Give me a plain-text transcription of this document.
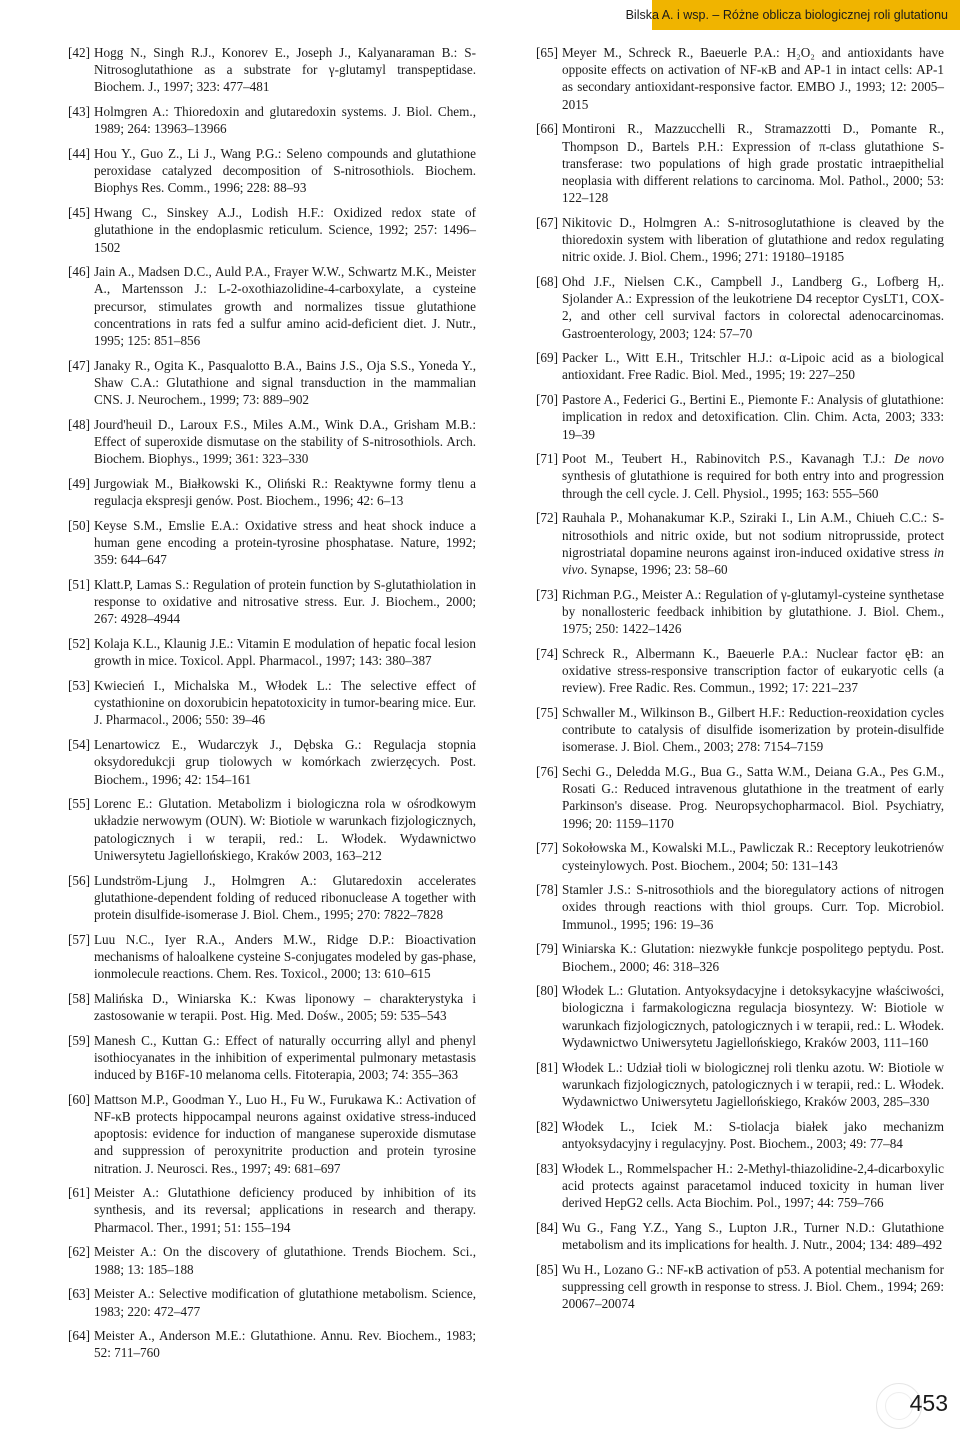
Bilska A. i wsp. – Różne oblicza biologicznej roli glutationu

[42] Hogg N., Singh R.J., Konorev E., Joseph J., Kalyanaraman B.: S-Nitrosoglutathione as a substrate for γ-glutamyl transpeptidase. Biochem. J., 1997; 323: 477–481

[43] Holmgren A.: Thioredoxin and glutaredoxin systems. J. Biol. Chem., 1989; 264: 13963–13966

[44] Hou Y., Guo Z., Li J., Wang P.G.: Seleno compounds and glutathione peroxidase catalyzed decomposition of S-nitrosothiols. Biochem. Biophys Res. Comm., 1996; 228: 88–93

[45] Hwang C., Sinskey A.J., Lodish H.F.: Oxidized redox state of glutathione in the endoplasmic reticulum. Science, 1992; 257: 1496–1502

[46] Jain A., Madsen D.C., Auld P.A., Frayer W.W., Schwartz M.K., Meister A., Martensson J.: L-2-oxothiazolidine-4-carboxylate, a cysteine precursor, stimulates growth and normalizes tissue glutathione concentrations in rats fed a sulfur amino acid-deficient diet. J. Nutr., 1995; 125: 851–856

[47] Janaky R., Ogita K., Pasqualotto B.A., Bains J.S., Oja S.S., Yoneda Y., Shaw C.A.: Glutathione and signal transduction in the mammalian CNS. J. Neurochem., 1999; 73: 889–902

[48] Jourd'heuil D., Laroux F.S., Miles A.M., Wink D.A., Grisham M.B.: Effect of superoxide dismutase on the stability of S-nitrosothiols. Arch. Biochem. Biophys., 1999; 361: 323–330

[49] Jurgowiak M., Białkowski K., Oliński R.: Reaktywne formy tlenu a regulacja ekspresji genów. Post. Biochem., 1996; 42: 6–13

[50] Keyse S.M., Emslie E.A.: Oxidative stress and heat shock induce a human gene encoding a protein-tyrosine phosphatase. Nature, 1992; 359: 644–647

[51] Klatt.P, Lamas S.: Regulation of protein function by S-glutathiolation in response to oxidative and nitrosative stress. Eur. J. Biochem., 2000; 267: 4928–4944

[52] Kolaja K.L., Klaunig J.E.: Vitamin E modulation of hepatic focal lesion growth in mice. Toxicol. Appl. Pharmacol., 1997; 143: 380–387

[53] Kwiecień I., Michalska M., Włodek L.: The selective effect of cystathionine on doxorubicin hepatotoxicity in tumor-bearing mice. Eur. J. Pharmacol., 2006; 550: 39–46

[54] Lenartowicz E., Wudarczyk J., Dębska G.: Regulacja stopnia oksydoredukcji grup tiolowych w komórkach zwierzęcych. Post. Biochem., 1996; 42: 154–161

[55] Lorenc E.: Glutation. Metabolizm i biologiczna rola w ośrodkowym układzie nerwowym (OUN). W: Biotiole w warunkach fizjologicznych, patologicznych i w terapii, red.: L. Włodek. Wydawnictwo Uniwersytetu Jagiellońskiego, Kraków 2003, 163–212

[56] Lundström-Ljung J., Holmgren A.: Glutaredoxin accelerates glutathione-dependent folding of reduced ribonuclease A together with protein disulfide-isomerase J. Biol. Chem., 1995; 270: 7822–7828

[57] Luu N.C., Iyer R.A., Anders M.W., Ridge D.P.: Bioactivation mechanisms of haloalkene cysteine S-conjugates modeled by gas-phase, ionmolecule reactions. Chem. Res. Toxicol., 2000; 13: 610–615

[58] Malińska D., Winiarska K.: Kwas liponowy – charakterystyka i zastosowanie w terapii. Post. Hig. Med. Dośw., 2005; 59: 535–543

[59] Manesh C., Kuttan G.: Effect of naturally occurring allyl and phenyl isothiocyanates in the inhibition of experimental pulmonary metastasis induced by B16F-10 melanoma cells. Fitoterapia, 2003; 74: 355–363

[60] Mattson M.P., Goodman Y., Luo H., Fu W., Furukawa K.: Activation of NF-κB protects hippocampal neurons against oxidative stress-induced apoptosis: evidence for induction of manganese superoxide dismutase and suppression of peroxynitrite production and protein tyrosine nitration. J. Neurosci. Res., 1997; 49: 681–697

[61] Meister A.: Glutathione deficiency produced by inhibition of its synthesis, and its reversal; applications in research and therapy. Pharmacol. Ther., 1991; 51: 155–194

[62] Meister A.: On the discovery of glutathione. Trends Biochem. Sci., 1988; 13: 185–188

[63] Meister A.: Selective modification of glutathione metabolism. Science, 1983; 220: 472–477

[64] Meister A., Anderson M.E.: Glutathione. Annu. Rev. Biochem., 1983; 52: 711–760

[65] Meyer M., Schreck R., Baeuerle P.A.: H₂O₂ and antioxidants have opposite effects on activation of NF-κB and AP-1 in intact cells: AP-1 as secondary antioxidant-responsive factor. EMBO J., 1993; 12: 2005–2015

[66] Montironi R., Mazzucchelli R., Stramazzotti D., Pomante R., Thompson D., Bartels P.H.: Expression of π-class glutathione S-transferase: two populations of high grade prostatic intraepithelial neoplasia with different relations to carcinoma. Mol. Pathol., 2000; 53: 122–128

[67] Nikitovic D., Holmgren A.: S-nitrosoglutathione is cleaved by the thioredoxin system with liberation of glutathione and redox regulating nitric oxide. J. Biol. Chem., 1996; 271: 19180–19185

[68] Ohd J.F., Nielsen C.K., Campbell J., Landberg G., Lofberg H,. Sjolander A.: Expression of the leukotriene D4 receptor CysLT1, COX-2, and other cell survival factors in colorectal adenocarcinomas. Gastroenterology, 2003; 124: 57–70

[69] Packer L., Witt E.H., Tritschler H.J.: α-Lipoic acid as a biological antioxidant. Free Radic. Biol. Med., 1995; 19: 227–250

[70] Pastore A., Federici G., Bertini E., Piemonte F.: Analysis of glutathione: implication in redox and detoxification. Clin. Chim. Acta, 2003; 333: 19–39

[71] Poot M., Teubert H., Rabinovitch P.S., Kavanagh T.J.: De novo synthesis of glutathione is required for both entry into and progression through the cell cycle. J. Cell. Physiol., 1995; 163: 555–560

[72] Rauhala P., Mohanakumar K.P., Sziraki I., Lin A.M., Chiueh C.C.: S-nitrosothiols and nitric oxide, but not sodium nitroprusside, protect nigrostriatal dopamine neurons against iron-induced oxidative stress in vivo. Synapse, 1996; 23: 58–60

[73] Richman P.G., Meister A.: Regulation of γ-glutamyl-cysteine synthetase by nonallosteric feedback inhibition by glutathione. J. Biol. Chem., 1975; 250: 1422–1426

[74] Schreck R., Albermann K., Baeuerle P.A.: Nuclear factor ęB: an oxidative stress-responsive transcription factor of eukaryotic cells (a review). Free Radic. Res. Commun., 1992; 17: 221–237

[75] Schwaller M., Wilkinson B., Gilbert H.F.: Reduction-reoxidation cycles contribute to catalysis of disulfide isomerization by protein-disulfide isomerase. J. Biol. Chem., 2003; 278: 7154–7159

[76] Sechi G., Deledda M.G., Bua G., Satta W.M., Deiana G.A., Pes G.M., Rosati G.: Reduced intravenous glutathione in the treatment of early Parkinson's disease. Prog. Neuropsychopharmacol. Biol. Psychiatry, 1996; 20: 1159–1170

[77] Sokołowska M., Kowalski M.L., Pawliczak R.: Receptory leukotrienów cysteinylowych. Post. Biochem., 2004; 50: 131–143

[78] Stamler J.S.: S-nitrosothiols and the bioregulatory actions of nitrogen oxides through reactions with thiol groups. Curr. Top. Microbiol. Immunol., 1995; 196: 19–36

[79] Winiarska K.: Glutation: niezwykłe funkcje pospolitego peptydu. Post. Biochem., 2000; 46: 318–326

[80] Włodek L.: Glutation. Antyoksydacyjne i detoksykacyjne właściwości, biologiczna i farmakologiczna regulacja biosyntezy. W: Biotiole w warunkach fizjologicznych, patologicznych i w terapii, red.: L. Włodek. Wydawnictwo Uniwersytetu Jagiellońskiego, Kraków 2003, 111–160

[81] Włodek L.: Udział tioli w biologicznej roli tlenku azotu. W: Biotiole w warunkach fizjologicznych, patologicznych i w terapii, red.: L. Włodek. Wydawnictwo Uniwersytetu Jagiellońskiego, Kraków 2003, 285–330

[82] Włodek L., Iciek M.: S-tiolacja białek jako mechanizm antyoksydacyjny i regulacyjny. Post. Biochem., 2003; 49: 77–84

[83] Włodek L., Rommelspacher H.: 2-Methyl-thiazolidine-2,4-dicarboxylic acid protects against paracetamol induced toxicity in human liver derived HepG2 cells. Acta Biochim. Pol., 1997; 44: 759–766

[84] Wu G., Fang Y.Z., Yang S., Lupton J.R., Turner N.D.: Glutathione metabolism and its implications for health. J. Nutr., 2004; 134: 489–492

[85] Wu H., Lozano G.: NF-κB activation of p53. A potential mechanism for suppressing cell growth in response to stress. J. Biol. Chem., 1994; 269: 20067–20074

453
